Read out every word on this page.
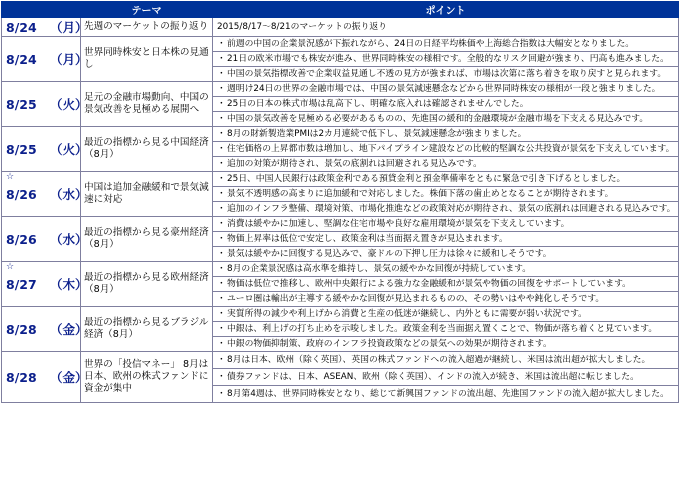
	テーマ	ポイント

8/24 （月）	先週のマーケットの振り返り	2015/8/17～8/21のマーケットの振り返り

8/24 （月）	世界同時株安と日本株の見通し	・前週の中国の企業景況感が下振れながら、24日の日経平均株価や上海総合指数は大幅安となりました。
		・21日の欧米市場でも株安が進み、世界同時株安の様相です。全般的なリスク回避が強まり、円高も進みました。
		・中国の景気指標改善で企業収益見通し不透の見方が強まれば、市場は次第に落ち着きを取り戻すと見られます。

8/25 （火）	足元の金融市場動向、中国の景気改善を見極める展開へ	・週明け24日の世界の金融市場では、中国の景気減速懸念などから世界同時株安の様相が一段と強まりました。
		・25日の日本の株式市場は乱高下し、明確な底入れは確認されませんでした。
		・中国の景気改善を見極める必要があるものの、先進国の緩和的金融環境が金融市場を下支える見込みです。

8/25 （火）	最近の指標から見る中国経済（8月）	・8月の財新製造業PMIは2カ月連続で低下し、景気減速懸念が強まりました。
		・住宅価格の上昇都市数は増加し、地下パイプライン建設などの比較的堅調な公共投資が景気を下支えしています。
		・追加の対策が期待され、景気の底割れは回避される見込みです。

☆
8/26 （水）	中国は追加金融緩和で景気減速に対応	・25日、中国人民銀行は政策金利である預貸金利と預金準備率をともに緊急で引き下げるとしました。
		・景気不透明感の高まりに追加緩和で対応しました。株価下落の歯止めとなることが期待されます。
		・追加のインフラ整備、環境対策、市場化推進などの政策対応が期待され、景気の底割れは回避される見込みです。

8/26 （水）	最近の指標から見る豪州経済（8月）	・消費は緩やかに加速し、堅調な住宅市場や良好な雇用環境が景気を下支えしています。
		・物価上昇率は低位で安定し、政策金利は当面据え置きが見込まれます。
		・景気は緩やかに回復する見込みで、豪ドルの下押し圧力は徐々に緩和しそうです。

☆
8/27 （木）	最近の指標から見る欧州経済（8月）	・8月の企業景況感は高水準を維持し、景気の緩やかな回復が持続しています。
		・物価は低位で推移し、欧州中央銀行による強力な金融緩和が景気や物価の回復をサポートしています。
		・ユーロ圏は輸出が主導する緩やかな回復が見込まれるものの、その勢いはやや鈍化しそうです。

8/28 （金）	最近の指標から見るブラジル経済（8月）	・実質所得の減少や利上げから消費と生産の低迷が継続し、内外ともに需要が弱い状況です。
		・中銀は、利上げの打ち止めを示唆しました。政策金利を当面据え置くことで、物価が落ち着くと見ています。
		・中銀の物価抑制策、政府のインフラ投資政策などの景気への効果が期待されます。

8/28 （金）	世界の「投信マネー」 8月は日本、欧州の株式ファンドに資金が集中	・8月は日本、欧州（除く英国）、英国の株式ファンドへの流入超過が継続し、米国は流出超が拡大しました。
		・債券ファンドは、日本、ASEAN、欧州（除く英国）、インドの流入が続き、米国は流出超に転じました。
		・8月第4週は、世界同時株安となり、総じて新興国ファンドの流出超、先進国ファンドの流入超が拡大しました。
